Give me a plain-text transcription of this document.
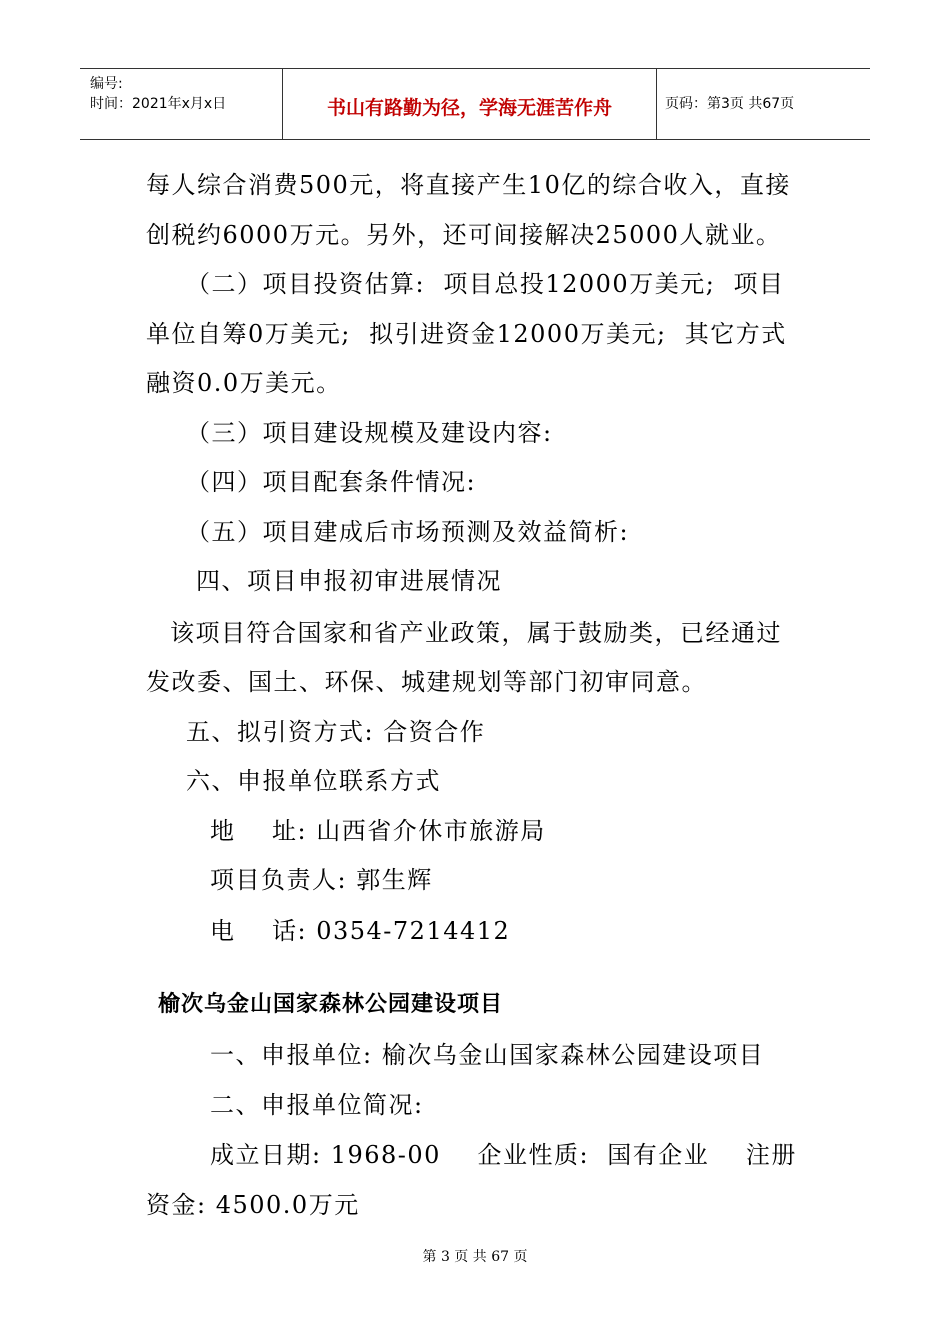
编号:
时间：2021年x月x日	书山有路勤为径，学海无涯苦作舟	页码：第3页 共67页
每人综合消费500元，将直接产生10亿的综合收入，直接
创税约6000万元。另外，还可间接解决25000人就业。
（二）项目投资估算:  项目总投12000万美元;  项目
单位自筹0万美元;  拟引进资金12000万美元;  其它方式
融资0.0万美元。
（三）项目建设规模及建设内容:
（四）项目配套条件情况:
（五）项目建成后市场预测及效益简析:
四、项目申报初审进展情况
该项目符合国家和省产业政策，属于鼓励类，已经通过
发改委、国土、环保、城建规划等部门初审同意。
五、拟引资方式: 合资合作
六、申报单位联系方式
地    址: 山西省介休市旅游局
项目负责人: 郭生辉
电    话: 0354-7214412
榆次乌金山国家森林公园建设项目
一、申报单位: 榆次乌金山国家森林公园建设项目
二、申报单位简况:
成立日期: 1968-00    企业性质:  国有企业    注册
资金: 4500.0万元
第 3 页 共 67 页
